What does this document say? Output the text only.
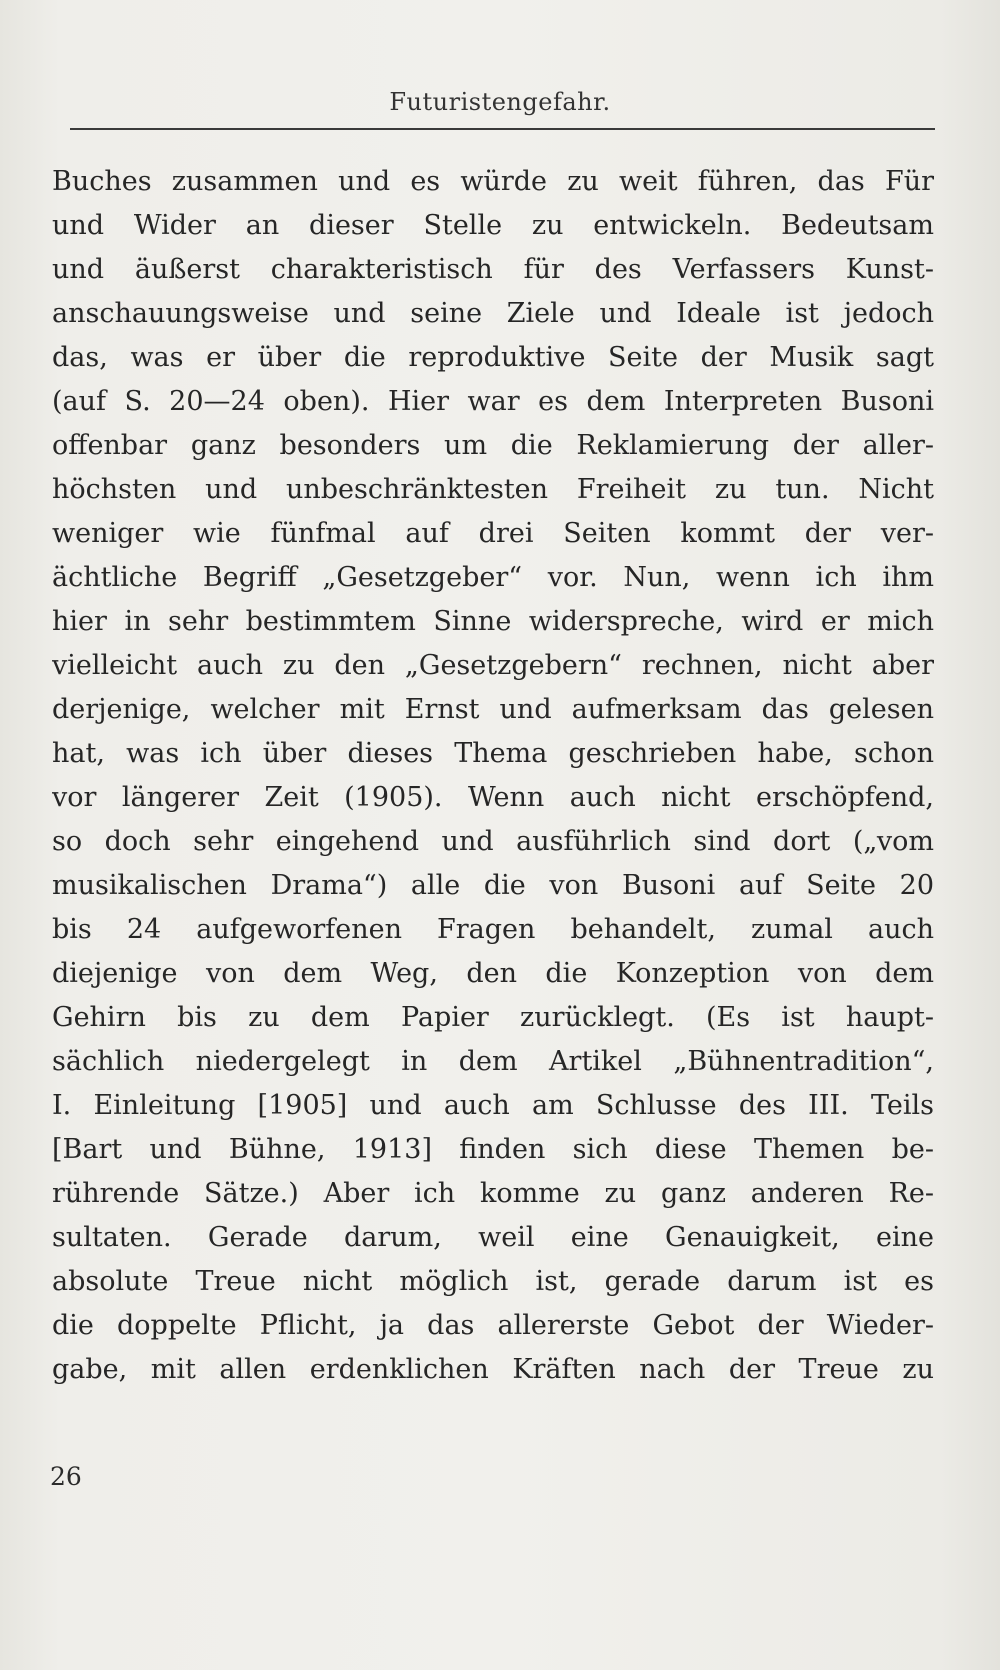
Futuristengefahr.
Buches zusammen und es würde zu weit führen, das Für
und Wider an dieser Stelle zu entwickeln. Bedeutsam
und äußerst charakteristisch für des Verfassers Kunst-
anschauungsweise und seine Ziele und Ideale ist jedoch
das, was er über die reproduktive Seite der Musik sagt
(auf S. 20—24 oben). Hier war es dem Interpreten Busoni
offenbar ganz besonders um die Reklamierung der aller-
höchsten und unbeschränktesten Freiheit zu tun. Nicht
weniger wie fünfmal auf drei Seiten kommt der ver-
ächtliche Begriff „Gesetzgeber“ vor. Nun, wenn ich ihm
hier in sehr bestimmtem Sinne widerspreche, wird er mich
vielleicht auch zu den „Gesetzgebern“ rechnen, nicht aber
derjenige, welcher mit Ernst und aufmerksam das gelesen
hat, was ich über dieses Thema geschrieben habe, schon
vor längerer Zeit (1905). Wenn auch nicht erschöpfend,
so doch sehr eingehend und ausführlich sind dort („vom
musikalischen Drama“) alle die von Busoni auf Seite 20
bis 24 aufgeworfenen Fragen behandelt, zumal auch
diejenige von dem Weg, den die Konzeption von dem
Gehirn bis zu dem Papier zurücklegt. (Es ist haupt-
sächlich niedergelegt in dem Artikel „Bühnentradition“,
I. Einleitung [1905] und auch am Schlusse des III. Teils
[Bart und Bühne, 1913] finden sich diese Themen be-
rührende Sätze.) Aber ich komme zu ganz anderen Re-
sultaten. Gerade darum, weil eine Genauigkeit, eine
absolute Treue nicht möglich ist, gerade darum ist es
die doppelte Pflicht, ja das allererste Gebot der Wieder-
gabe, mit allen erdenklichen Kräften nach der Treue zu
26
